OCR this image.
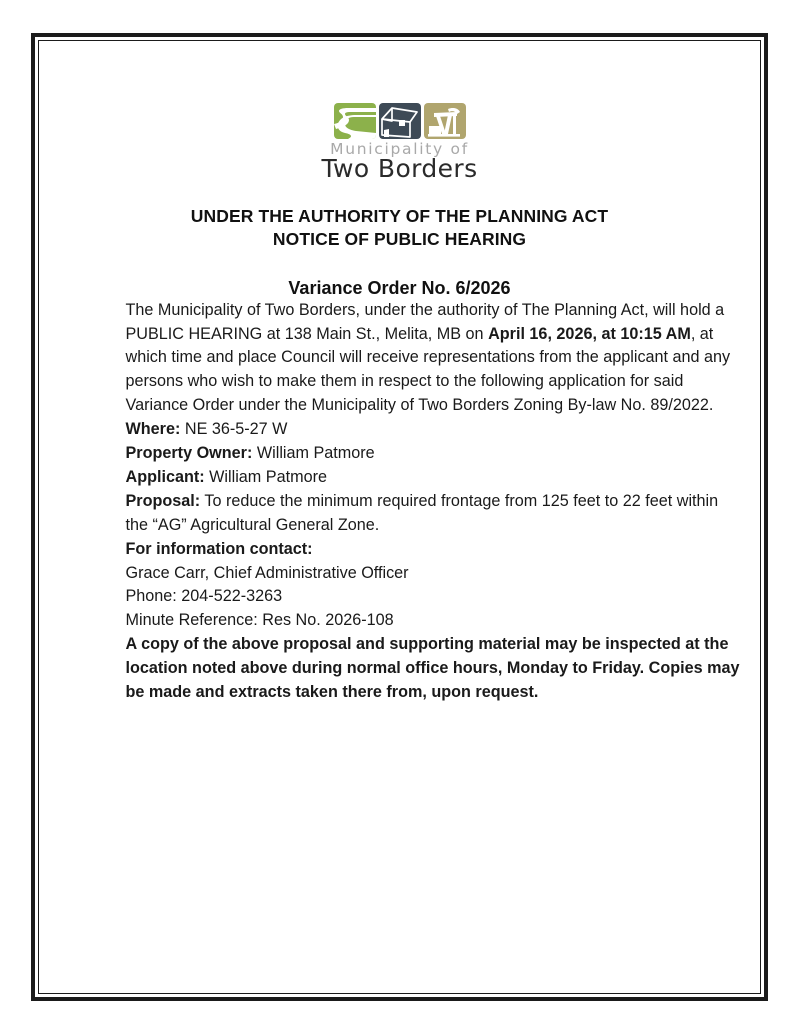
Municipality of
Two Borders
UNDER THE AUTHORITY OF THE PLANNING ACT
NOTICE OF PUBLIC HEARING
Variance Order No. 6/2026

The Municipality of Two Borders, under the authority of The Planning Act, will hold a PUBLIC HEARING at 138 Main St., Melita, MB on April 16, 2026, at 10:15 AM, at which time and place Council will receive representations from the applicant and any persons who wish to make them in respect to the following application for said Variance Order under the Municipality of Two Borders Zoning By-law No. 89/2022.

Where: NE 36-5-27 W
Property Owner: William Patmore
Applicant: William Patmore
Proposal: To reduce the minimum required frontage from 125 feet to 22 feet within the “AG” Agricultural General Zone.

For information contact:
Grace Carr, Chief Administrative Officer
Phone: 204-522-3263

Minute Reference: Res No. 2026-108

A copy of the above proposal and supporting material may be inspected at the location noted above during normal office hours, Monday to Friday. Copies may be made and extracts taken there from, upon request.
